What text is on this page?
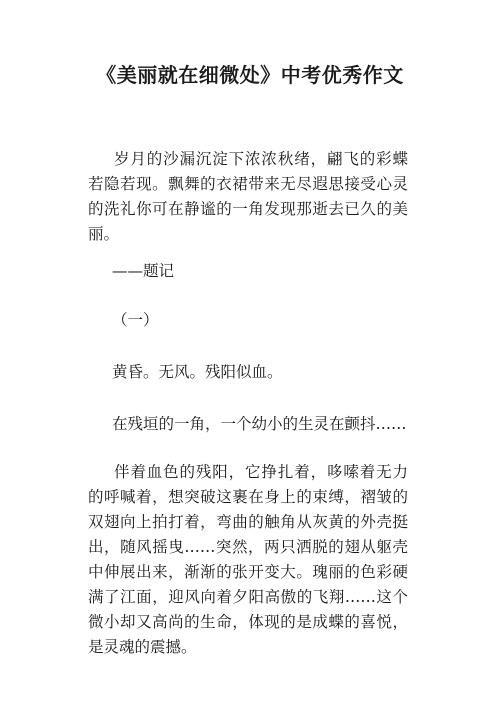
《美丽就在细微处》中考优秀作文
岁月的沙漏沉淀下浓浓秋绪，翩飞的彩蝶若隐若现。飘舞的衣裙带来无尽遐思接受心灵的洗礼你可在静谧的一角发现那逝去已久的美丽。
——题记
（一）
黄昏。无风。残阳似血。
在残垣的一角，一个幼小的生灵在颤抖……
伴着血色的残阳，它挣扎着，哆嗦着无力的呼喊着，想突破这裹在身上的束缚，褶皱的双翅向上拍打着，弯曲的触角从灰黄的外壳挺出，随风摇曳……突然，两只洒脱的翅从躯壳中伸展出来，渐渐的张开变大。瑰丽的色彩硬满了江面，迎风向着夕阳高傲的飞翔……这个微小却又高尚的生命，体现的是成蝶的喜悦，是灵魂的震撼。
